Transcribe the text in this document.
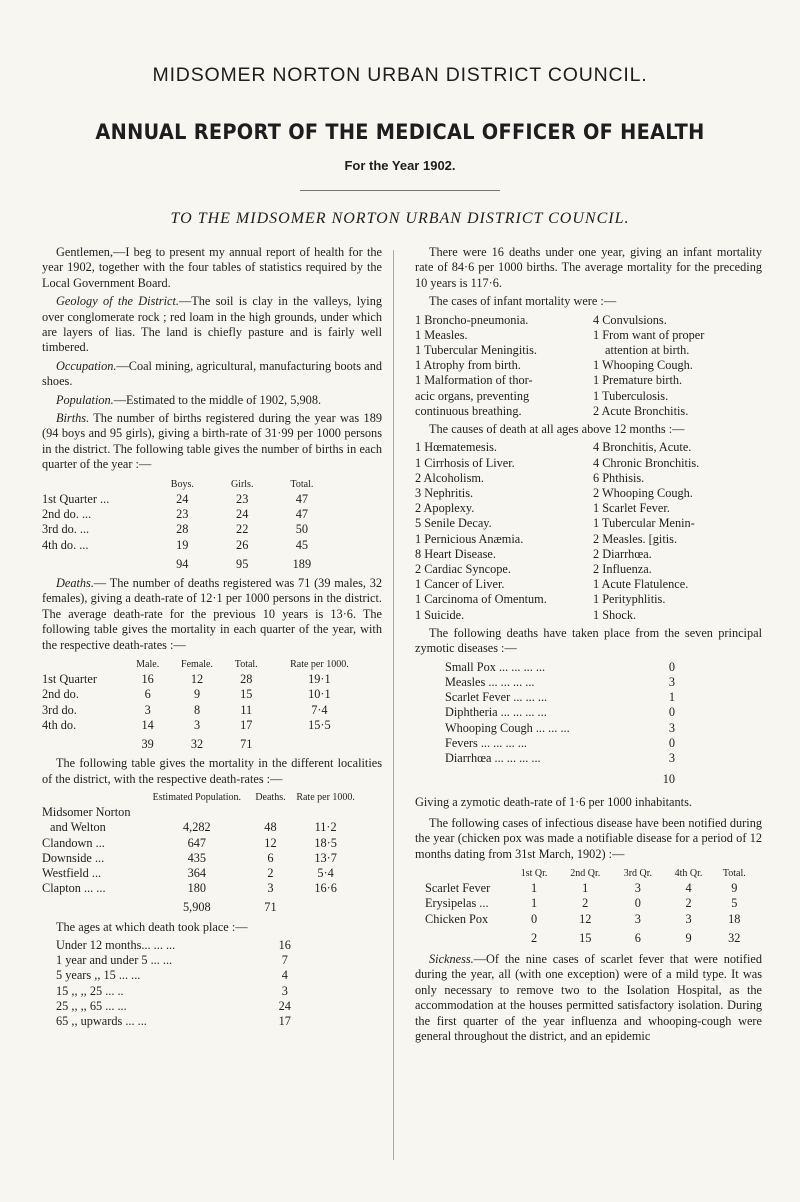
MIDSOMER NORTON URBAN DISTRICT COUNCIL.
ANNUAL REPORT OF THE MEDICAL OFFICER OF HEALTH
For the Year 1902.
TO THE MIDSOMER NORTON URBAN DISTRICT COUNCIL.

Gentlemen,—I beg to present my annual report of health for the year 1902, together with the four tables of statistics required by the Local Government Board.

Geology of the District.—The soil is clay in the valleys, lying over conglomerate rock ; red loam in the high grounds, under which are layers of lias. The land is chiefly pasture and is fairly well timbered.

Occupation.—Coal mining, agricultural, manufacturing boots and shoes.

Population.—Estimated to the middle of 1902, 5,908.

Births. The number of births registered during the year was 189 (94 boys and 95 girls), giving a birth-rate of 31·99 per 1000 persons in the district. The following table gives the number of births in each quarter of the year :—

	Boys.	Girls.	Total.
1st Quarter ...	24	23	47
2nd do. ...	23	24	47
3rd do. ...	28	22	50
4th do. ...	19	26	45
	94	95	189

Deaths.— The number of deaths registered was 71 (39 males, 32 females), giving a death-rate of 12·1 per 1000 persons in the district. The average death-rate for the previous 10 years is 13·6. The following table gives the mortality in each quarter of the year, with the respective death-rates :—

	Male.	Female.	Total.	Rate per 1000.
1st Quarter	16	12	28	19·1
2nd do.	6	9	15	10·1
3rd do.	3	8	11	7·4
4th do.	14	3	17	15·5
	39	32	71	

The following table gives the mortality in the different localities of the district, with the respective death-rates :—

	Estimated Population.	Deaths.	Rate per 1000.
Midsomer Norton			
and Welton	4,282	48	11·2
Clandown ...	647	12	18·5
Downside ...	435	6	13·7
Westfield ...	364	2	5·4
Clapton ... ...	180	3	16·6
	5,908	71	

The ages at which death took place :—

Under 12 months... ... ...	16
1 year and under 5 ... ...	7
5 years ,, 15 ... ...	4
15 ,, ,, 25 ... ..	3
25 ,, ,, 65 ... ...	24
65 ,, upwards ... ...	17

There were 16 deaths under one year, giving an infant mortality rate of 84·6 per 1000 births. The average mortality for the preceding 10 years is 117·6.

The cases of infant mortality were :—

1 Broncho-pneumonia.
1 Measles.
1 Tubercular Meningitis.
1 Atrophy from birth.
1 Malformation of thor-
acic organs, preventing
continuous breathing.
4 Convulsions.
1 From want of proper
attention at birth.
1 Whooping Cough.
1 Premature birth.
1 Tuberculosis.
2 Acute Bronchitis.

The causes of death at all ages above 12 months :—

1 Hœmatemesis.
1 Cirrhosis of Liver.
2 Alcoholism.
3 Nephritis.
2 Apoplexy.
5 Senile Decay.
1 Pernicious Anæmia.
8 Heart Disease.
2 Cardiac Syncope.
1 Cancer of Liver.
1 Carcinoma of Omentum.
1 Suicide.
4 Bronchitis, Acute.
4 Chronic Bronchitis.
6 Phthisis.
2 Whooping Cough.
1 Scarlet Fever.
1 Tubercular Menin-
2 Measles. [gitis.
2 Diarrhœa.
2 Influenza.
1 Acute Flatulence.
1 Perityphlitis.
1 Shock.

The following deaths have taken place from the seven principal zymotic diseases :—

Small Pox ... ... ... ...	0
Measles ... ... ... ...	3
Scarlet Fever ... ... ...	1
Diphtheria ... ... ... ...	0
Whooping Cough ... ... ...	3
Fevers ... ... ... ...	0
Diarrhœa ... ... ... ...	3
10

Giving a zymotic death-rate of 1·6 per 1000 inhabitants.

The following cases of infectious disease have been notified during the year (chicken pox was made a notifiable disease for a period of 12 months dating from 31st March, 1902) :—

	1st Qr.	2nd Qr.	3rd Qr.	4th Qr.	Total.
Scarlet Fever	1	1	3	4	9
Erysipelas ...	1	2	0	2	5
Chicken Pox	0	12	3	3	18
	2	15	6	9	32

Sickness.—Of the nine cases of scarlet fever that were notified during the year, all (with one exception) were of a mild type. It was only necessary to remove two to the Isolation Hospital, as the accommodation at the houses permitted satisfactory isolation. During the first quarter of the year influenza and whooping-cough were general throughout the district, and an epidemic
